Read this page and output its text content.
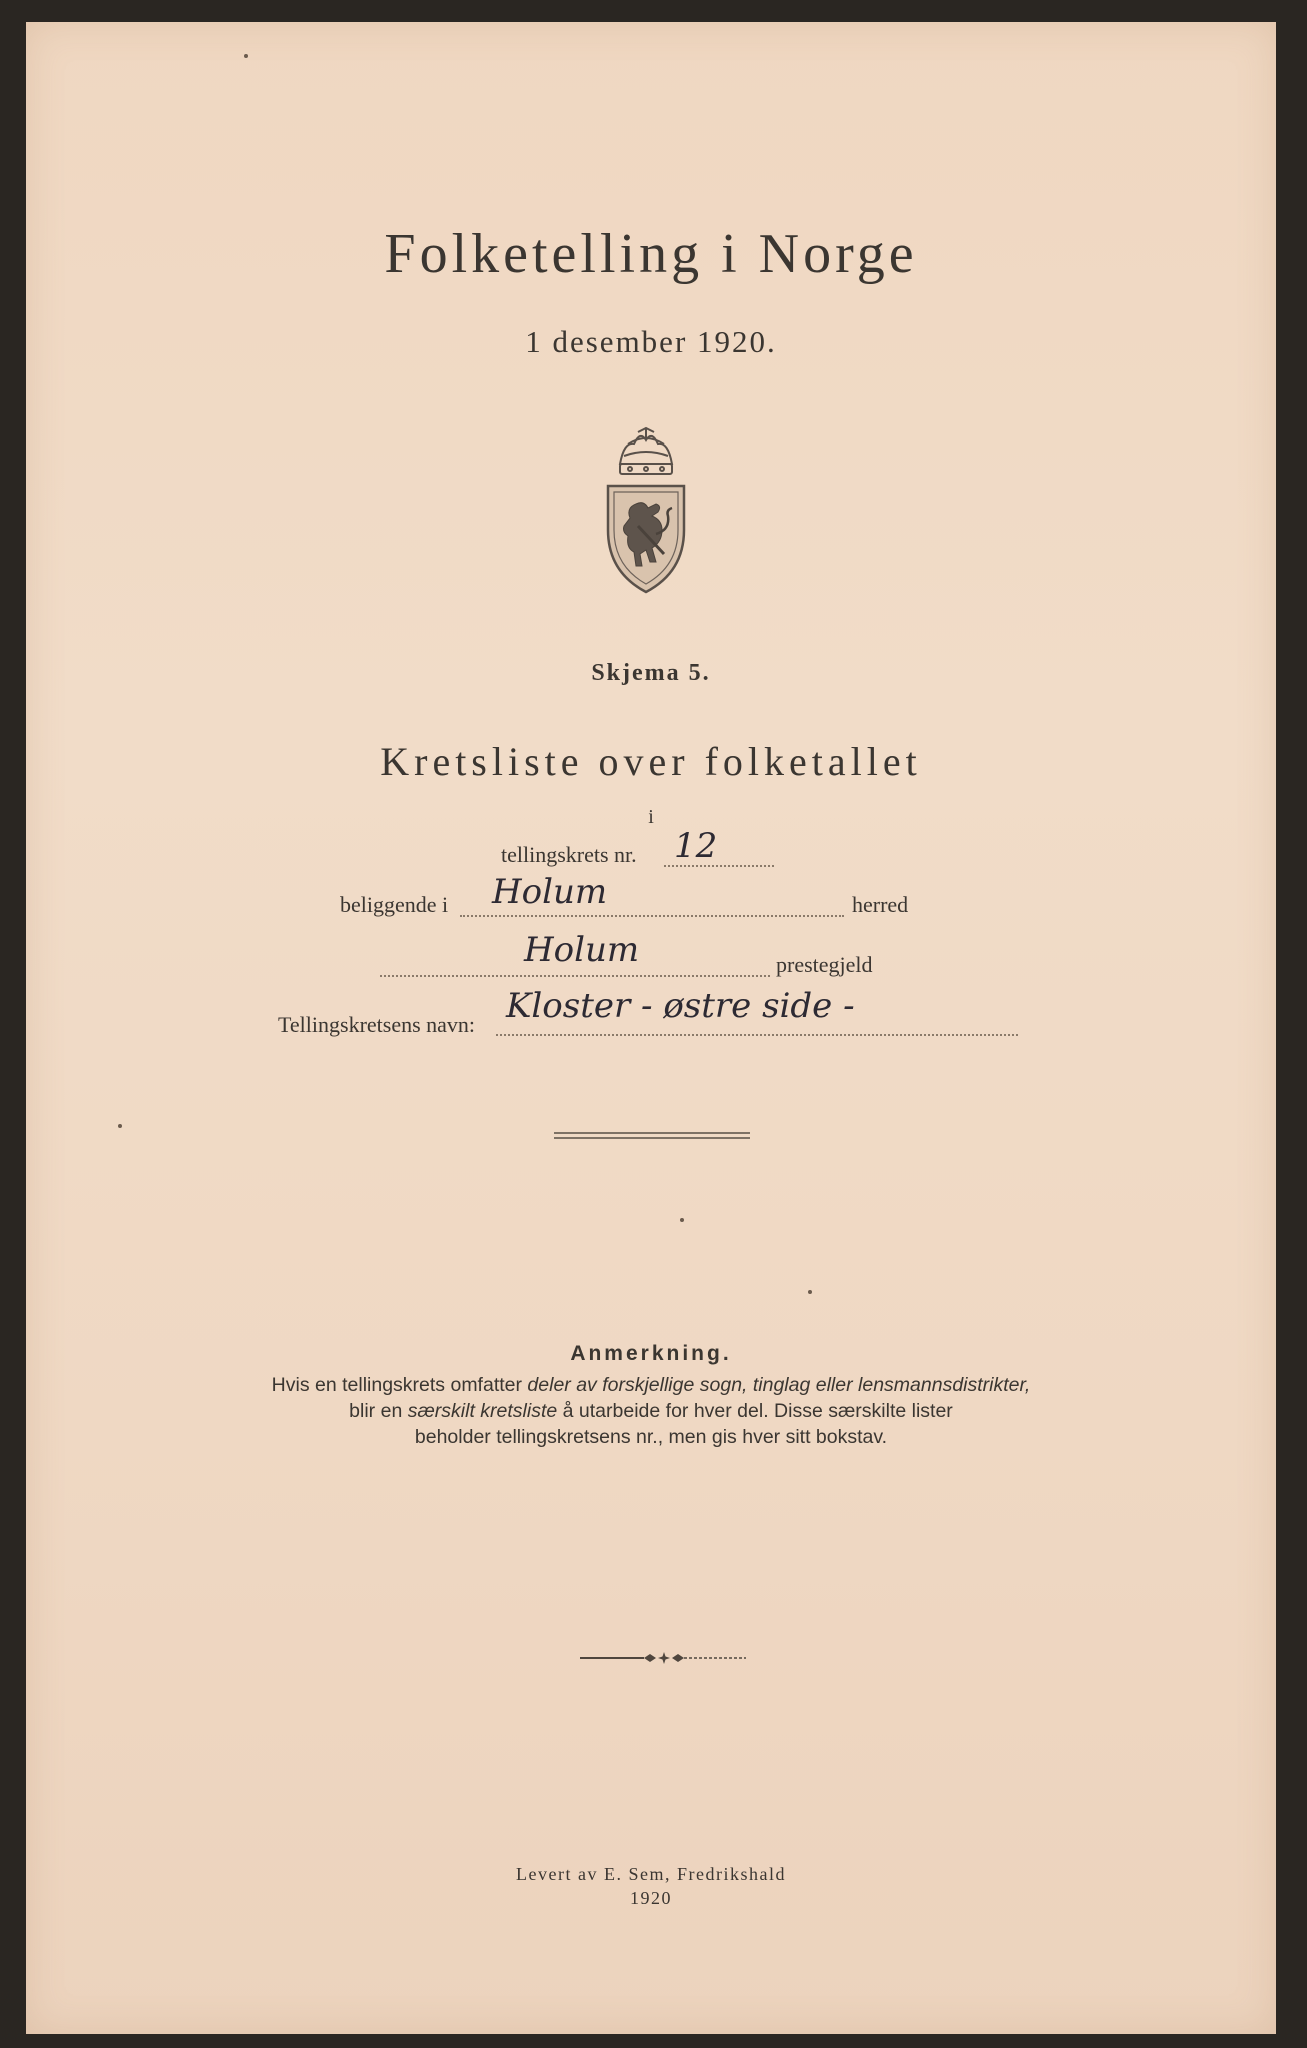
Folketelling i Norge
1 desember 1920.
Skjema 5.
Kretsliste over folketallet
i
tellingskrets nr. 12
beliggende i Holum	herred
Holum	prestegjeld
Tellingskretsens navn: Kloster - østre side -
Anmerkning.
Hvis en tellingskrets omfatter deler av forskjellige sogn, tinglag eller lensmannsdistrikter,
blir en særskilt kretsliste å utarbeide for hver del. Disse særskilte lister
beholder tellingskretsens nr., men gis hver sitt bokstav.
Levert av E. Sem, Fredrikshald
1920
